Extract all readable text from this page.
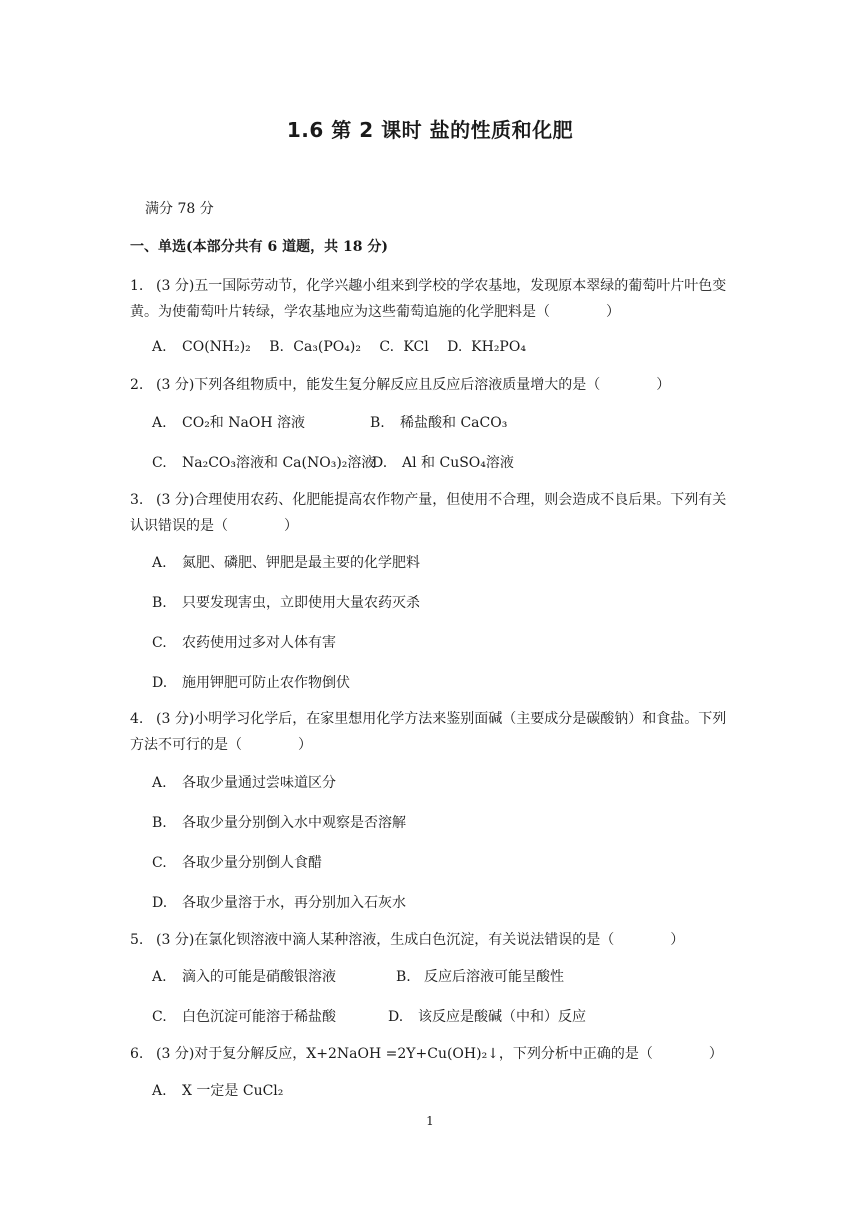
1.6 第 2 课时 盐的性质和化肥
满分 78 分
一、单选(本部分共有 6 道题，共 18 分)
1. (3 分)五一国际劳动节，化学兴趣小组来到学校的学农基地，发现原本翠绿的葡萄叶片叶色变黄。为使葡萄叶片转绿，学农基地应为这些葡萄追施的化学肥料是（　　　　）
A. CO(NH₂)₂ B. Ca₃(PO₄)₂ C. KCl D. KH₂PO₄
2. (3 分)下列各组物质中，能发生复分解反应且反应后溶液质量增大的是（　　　　）
A. CO₂和 NaOH 溶液	B. 稀盐酸和 CaCO₃
C. Na₂CO₃溶液和 Ca(NO₃)₂溶液
D. Al 和 CuSO₄溶液
3. (3 分)合理使用农药、化肥能提高农作物产量，但使用不合理，则会造成不良后果。下列有关认识错误的是（　　　　）
A. 氮肥、磷肥、钾肥是最主要的化学肥料
B. 只要发现害虫，立即使用大量农药灭杀
C. 农药使用过多对人体有害
D. 施用钾肥可防止农作物倒伏
4. (3 分)小明学习化学后，在家里想用化学方法来鉴别面碱（主要成分是碳酸钠）和食盐。下列方法不可行的是（　　　　）
A. 各取少量通过尝味道区分
B. 各取少量分别倒入水中观察是否溶解
C. 各取少量分别倒人食醋
D. 各取少量溶于水，再分别加入石灰水
5. (3 分)在氯化钡溶液中滴人某种溶液，生成白色沉淀，有关说法错误的是（　　　　）
A. 滴入的可能是硝酸银溶液	B. 反应后溶液可能呈酸性
C. 白色沉淀可能溶于稀盐酸	D. 该反应是酸碱（中和）反应
6. (3 分)对于复分解反应，X+2NaOH =2Y+Cu(OH)₂↓，下列分析中正确的是（　　　　）
A. X 一定是 CuCl₂
1
